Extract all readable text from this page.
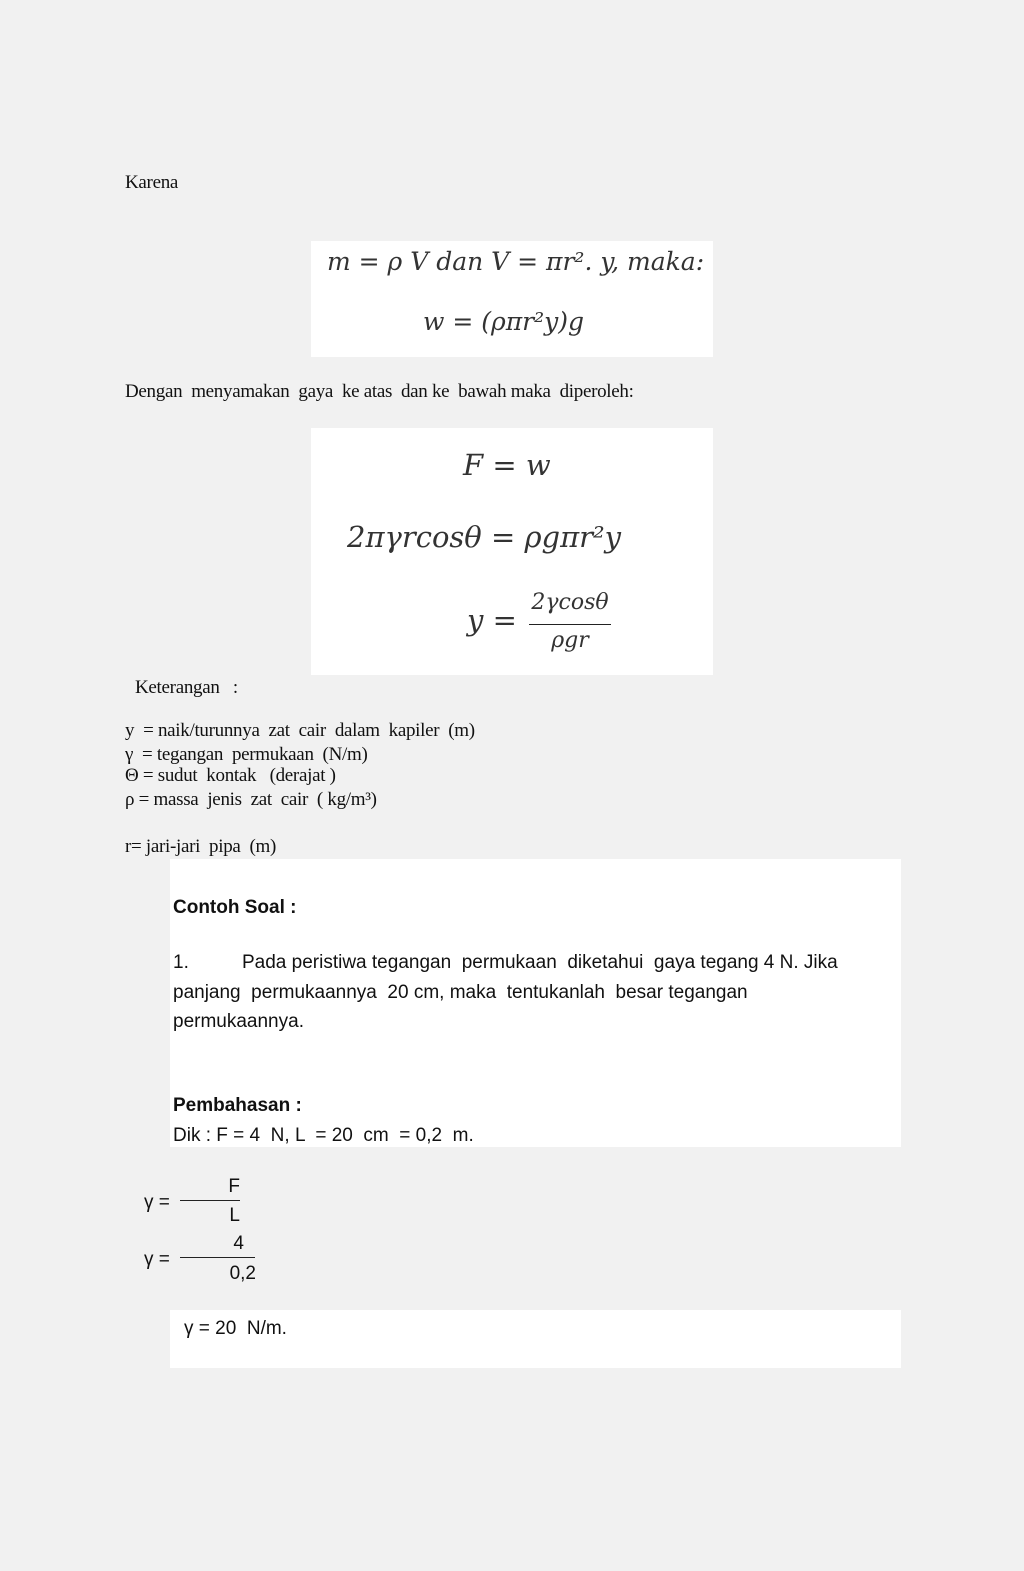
Karena
m = ρ V dan V = πr². y, maka:
w = (ρπr²y)g
Dengan  menyamakan  gaya  ke atas  dan ke  bawah maka  diperoleh:
F = w
2πγrcosθ = ρgπr²y
y =
2γcosθ
ρgr
Keterangan   :
y  = naik/turunnya  zat  cair  dalam  kapiler  (m)
γ  = tegangan  permukaan  (N/m)
Θ = sudut  kontak   (derajat )
ρ = massa  jenis  zat  cair  ( kg/m³)
r= jari-jari  pipa  (m)
Contoh Soal :
1.	Pada peristiwa tegangan  permukaan  diketahui  gaya tegang 4 N. Jika
panjang  permukaannya  20 cm, maka  tentukanlah  besar tegangan
permukaannya.
Pembahasan :
Dik : F = 4  N, L  = 20  cm  = 0,2  m.
γ =
F
L
γ =
4
0,2
γ = 20  N/m.
